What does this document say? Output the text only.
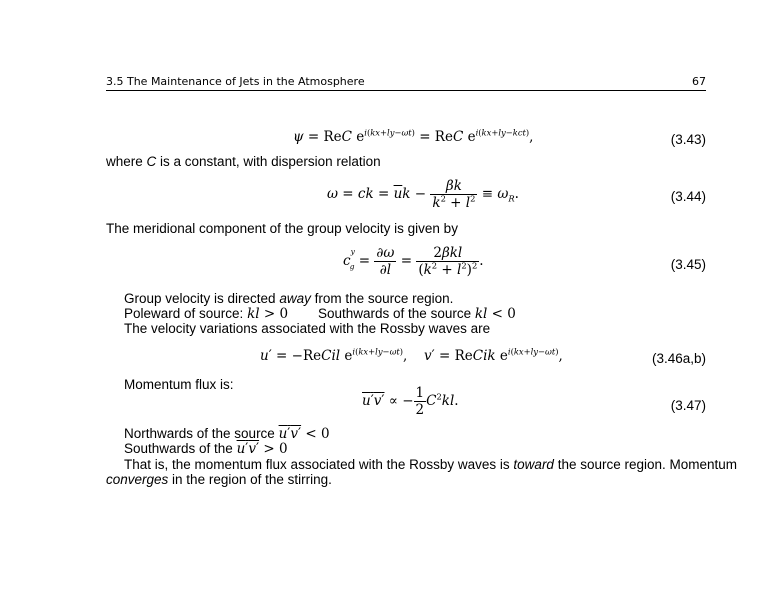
3.5 The Maintenance of Jets in the Atmosphere	67
ψ = ReC $e^{i(kx+ly-\omega t)}$ = ReC $e^{i(kx+ly-kct)}$,	(3.43)
where C is a constant, with dispersion relation
ω = ck = $\overline{u}k - \frac{\beta k}{k^2 + l^2} \equiv \omega_R$.	(3.44)
The meridional component of the group velocity is given by
$c^y_g = \frac{\partial\omega}{\partial l} = \frac{\text{2βkl}}{(k^2 + l^2)^2}$ .	(3.45)
Group velocity is directed away from the source region.
Poleward of source: kl > 0 Southwards of the source kl < 0
The velocity variations associated with the Rossby waves are
u′ = −ReCil $e^{i(kx+ly-\omega t)}$, v′ = ReCik $e^{i(kx+ly-\omega t)}$,	(3.46a,b)
Momentum flux is:
u′v′ ∝ − $\frac{1}{2} C^2kl$.	(3.47)
Northwards of the source u′v′ < 0
Southwards of the u′v′ > 0
That is, the momentum flux associated with the Rossby waves is toward the source region. Momentum
converges in the region of the stirring.
